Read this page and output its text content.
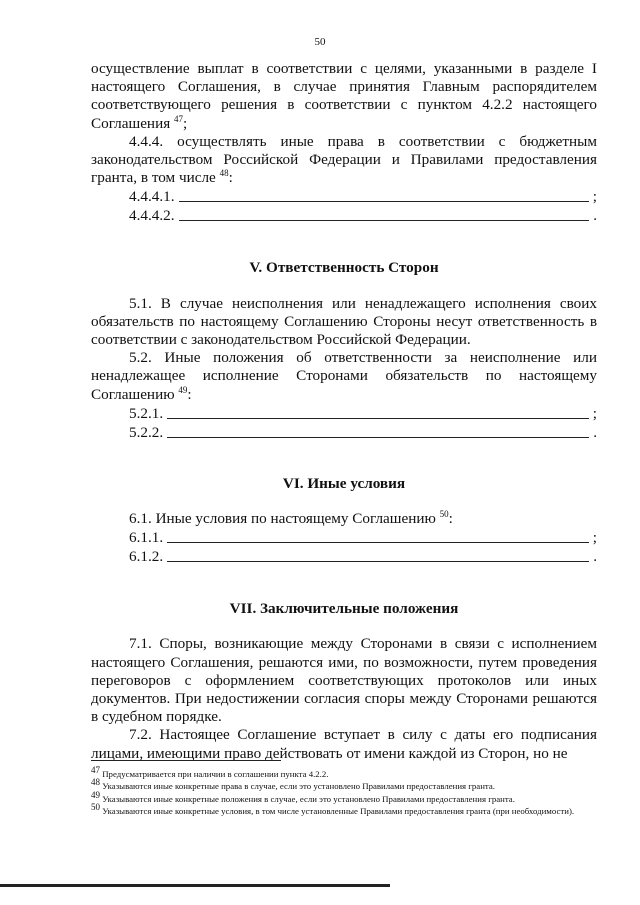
50

осуществление выплат в соответствии с целями, указанными в разделе I настоящего Соглашения, в случае принятия Главным распорядителем соответствующего решения в соответствии с пунктом 4.2.2 настоящего Соглашения $^{47}$;

4.4.4. осуществлять иные права в соответствии с бюджетным законодательством Российской Федерации и Правилами предоставления гранта, в том числе $^{48}$:

4.4.4.1.	;
4.4.4.2.	.

V. Ответственность Сторон

5.1. В случае неисполнения или ненадлежащего исполнения своих обязательств по настоящему Соглашению Стороны несут ответственность в соответствии с законодательством Российской Федерации.

5.2. Иные положения об ответственности за неисполнение или ненадлежащее исполнение Сторонами обязательств по настоящему Соглашению $^{49}$:

5.2.1.	;
5.2.2.	.

VI. Иные условия

6.1. Иные условия по настоящему Соглашению $^{50}$:

6.1.1.	;
6.1.2.	.

VII. Заключительные положения

7.1. Споры, возникающие между Сторонами в связи с исполнением настоящего Соглашения, решаются ими, по возможности, путем проведения переговоров с оформлением соответствующих протоколов или иных документов. При недостижении согласия споры между Сторонами решаются в судебном порядке.

7.2. Настоящее Соглашение вступает в силу с даты его подписания лицами, имеющими право действовать от имени каждой из Сторон, но не

$^{47}$ Предусматривается при наличии в соглашении пункта 4.2.2.

$^{48}$ Указываются иные конкретные права в случае, если это установлено Правилами предоставления гранта.

$^{49}$ Указываются иные конкретные положения в случае, если это установлено Правилами предоставления гранта.

$^{50}$ Указываются иные конкретные условия, в том числе установленные Правилами предоставления гранта (при необходимости).
